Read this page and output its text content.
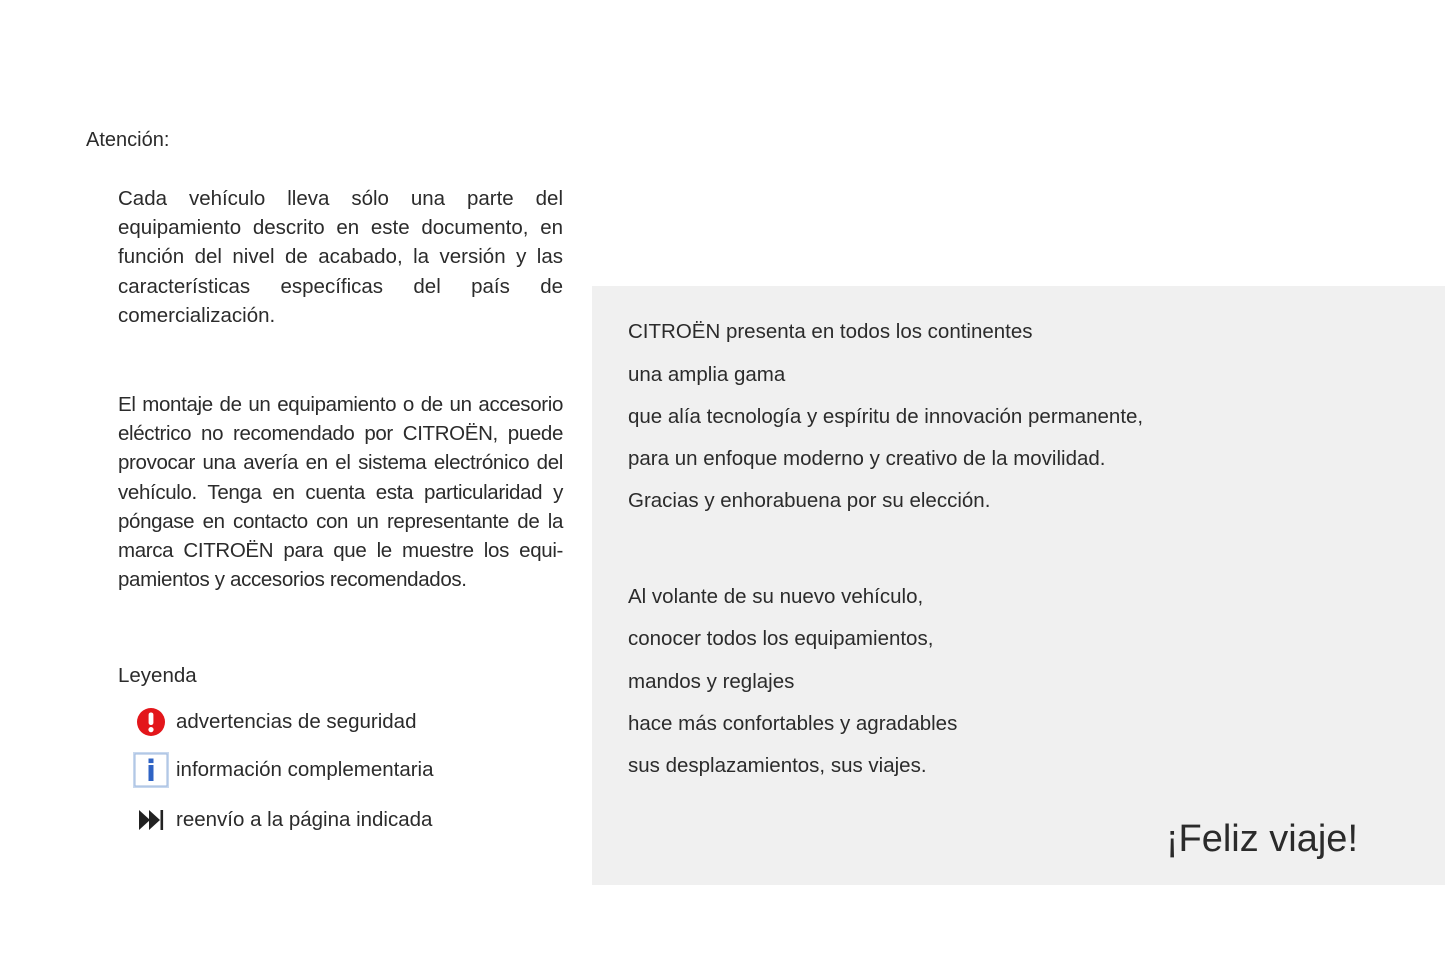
Atención:

Cada vehículo lleva sólo una parte del equipamiento descrito en este documento, en función del nivel de acabado, la versión y las características específicas del país de comercialización.

El montaje de un equipamiento o de un accesorio eléctrico no recomendado por CITROËN, puede provocar una avería en el sistema electrónico del vehículo. Tenga en cuenta esta particularidad y póngase en contacto con un representante de la marca CITROËN para que le muestre los equi-pamientos y accesorios recomendados.

Leyenda
advertencias de seguridad
información complementaria
reenvío a la página indicada

CITROËN presenta en todos los continentes

una amplia gama

que alía tecnología y espíritu de innovación permanente,

para un enfoque moderno y creativo de la movilidad.

Gracias y enhorabuena por su elección.

Al volante de su nuevo vehículo,

conocer todos los equipamientos,

mandos y reglajes

hace más confortables y agradables

sus desplazamientos, sus viajes.

¡Feliz viaje!
